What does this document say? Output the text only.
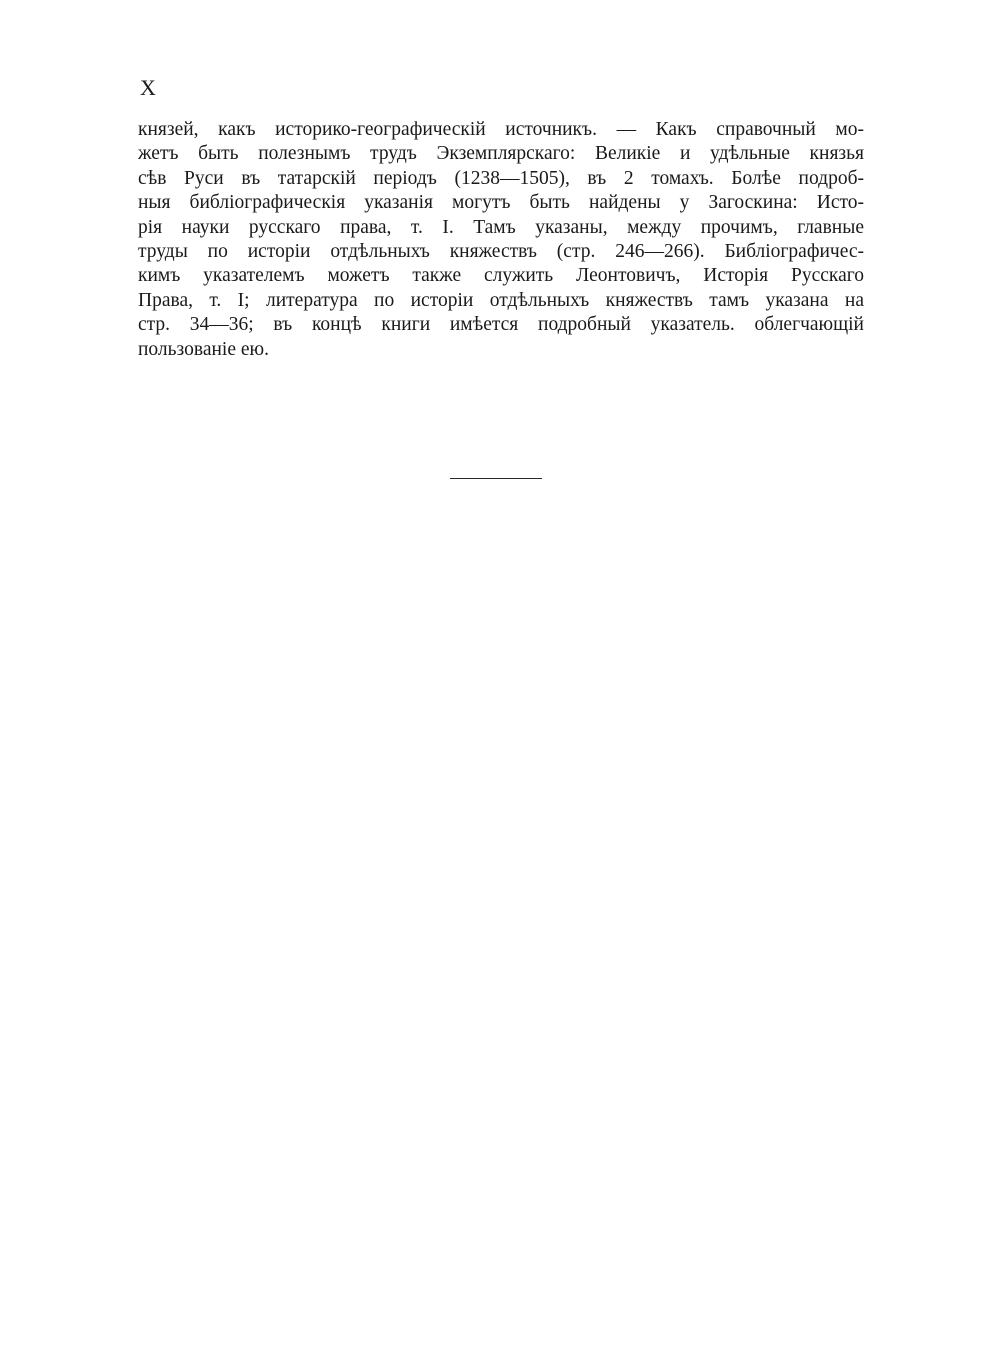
X
князей, какъ историко-географическій источникъ. — Какъ справочный мо-
жетъ быть полезнымъ трудъ Экземплярскаго: Великіе и удѣльные князья
сѣв Руси въ татарскій періодъ (1238—1505), въ 2 томахъ. Болѣе подроб-
ныя библіографическія указанія могутъ быть найдены у Загоскина: Исто-
рія науки русскаго права, т. І. Тамъ указаны, между прочимъ, главные
труды по исторіи отдѣльныхъ княжествъ (стр. 246—266). Библіографичес-
кимъ указателемъ можетъ также служить Леонтовичъ, Исторія Русскаго
Права, т. І; литература по исторіи отдѣльныхъ княжествъ тамъ указана на
стр. 34—36; въ концѣ книги имѣется подробный указатель. облегчающій
пользованіе ею.
